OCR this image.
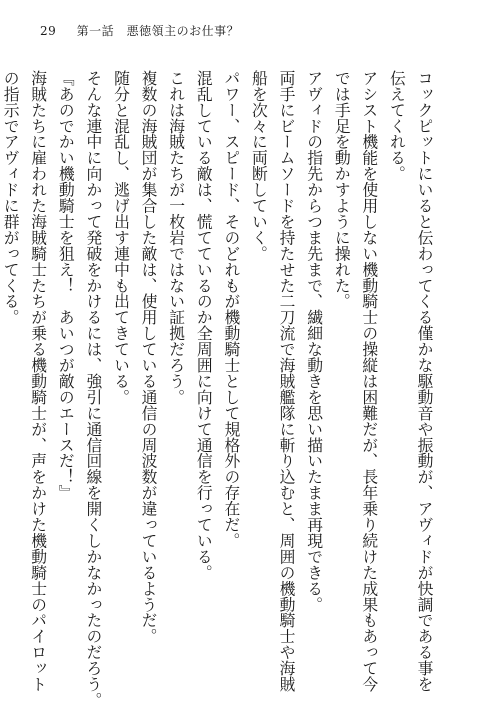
29 第一話　悪徳領主のお仕事？
コックピットにいると伝わってくる僅かな駆動音や振動が、アヴィドが快調である事を
伝えてくれる。
アシスト機能を使用しない機動騎士の操縦は困難だが、長年乗り続けた成果もあって今
では手足を動かすように操れた。
アヴィドの指先からつま先まで、繊細な動きを思い描いたまま再現できる。
両手にビームソードを持たせた二刀流で海賊艦隊に斬り込むと、周囲の機動騎士や海賊
船を次々に両断していく。
パワー、スピード、そのどれもが機動騎士として規格外の存在だ。
混乱している敵は、慌てているのか全周囲に向けて通信を行っている。
これは海賊たちが一枚岩ではない証拠だろう。
複数の海賊団が集合した敵は、使用している通信の周波数が違っているようだ。
随分と混乱し、逃げ出す連中も出てきている。
そんな連中に向かって発破をかけるには、強引に通信回線を開くしかなかったのだろう。
『あのでかい機動騎士を狙え！　あいつが敵のエースだ！』
海賊たちに雇われた海賊騎士たちが乗る機動騎士が、声をかけた機動騎士のパイロット
の指示でアヴィドに群がってくる。
